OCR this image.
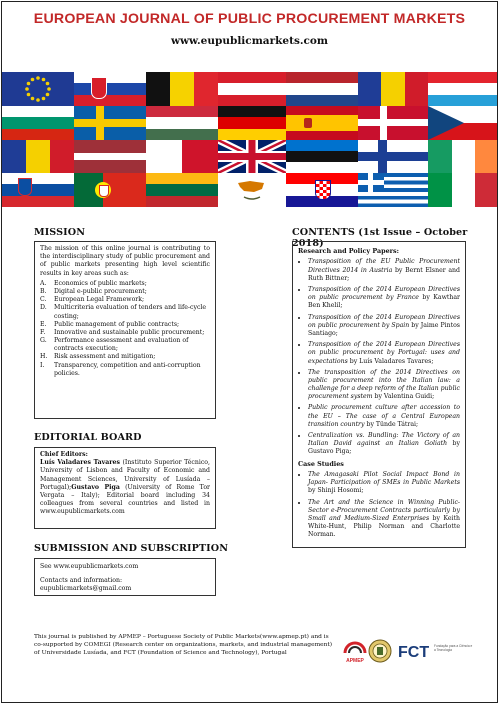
EUROPEAN JOURNAL OF PUBLIC PROCUREMENT MARKETS
www.eupublicmarkets.com
MISSION

The mission of this online journal is contributing to the interdisciplinary study of public procurement and of public markets presenting high level scientific results in key areas such as:

A.	Economics of public markets;
B.	Digital e-public procurement;
C.	European Legal Framework;
D.	Multicriteria evaluation of tenders and life-cycle costing;
E.	Public management of public contracts;
F.	Innovative and sustainable public procurement;
G.	Performance assessment and evaluation of contracts execution;
H.	Risk assessment and mitigation;
I.	Transparency, competition and anti-corruption policies.
EDITORIAL BOARD

Chief Editors:

Luís Valadares Tavares (Instituto Superior Técnico, University of Lisbon and Faculty of Economic and Management Sciences, University of Lusíada – Portugal);Gustavo Piga (University of Rome Tor Vergata – Italy); Editorial board including 34 colleagues from several countries and listed in www.eupublicmarkets.com

SUBMISSION AND SUBSCRIPTION

See www.eupublicmarkets.com

Contacts and information: eupublicmarkets@gmail.com

CONTENTS (1st Issue – October 2018)
Research and Policy Papers:
• Transposition of the EU Public Procurement Directives 2014 in Austria by Bernt Elsner and Ruth Bittner;
• Transposition of the 2014 European Directives on public procurement by France by Kawthar Ben Khelil;
• Transposition of the 2014 European Directives on public procurement by Spain by Jaime Pintos Santiago;
• Transposition of the 2014 European Directives on public procurement by Portugal: uses and expectations by Luís Valadares Tavares;
• The transposition of the 2014 Directives on public procurement into the Italian law: a challenge for a deep reform of the Italian public procurement system by Valentina Guidi;
• Public procurement culture after accession to the EU – The case of a Central European transition country by Tünde Tátrai;
• Centralization vs. Bundling: The Victory of an Italian David against an Italian Goliath by Gustavo Piga;
Case Studies
• The Amagasaki Pilot Social Impact Bond in Japan- Participation of SMEs in Public Markets by Shinji Hosomi;
• The Art and the Science in Winning Public-Sector e-Procurement Contracts particularly by Small and Medium-Sized Enterprises by Keith White-Hunt, Philip Norman and Charlotte Norman.
This journal is published by APMEP – Portuguese Society of Public Markets(www.apmep.pt) and is co-supported by COMEGI (Research center on organizations, markets, and industrial management) of Universidade Lusíada, and FCT (Foundation of Science and Technology), Portugal
APMEP FCT Fundação para a Ciência e a Tecnologia
